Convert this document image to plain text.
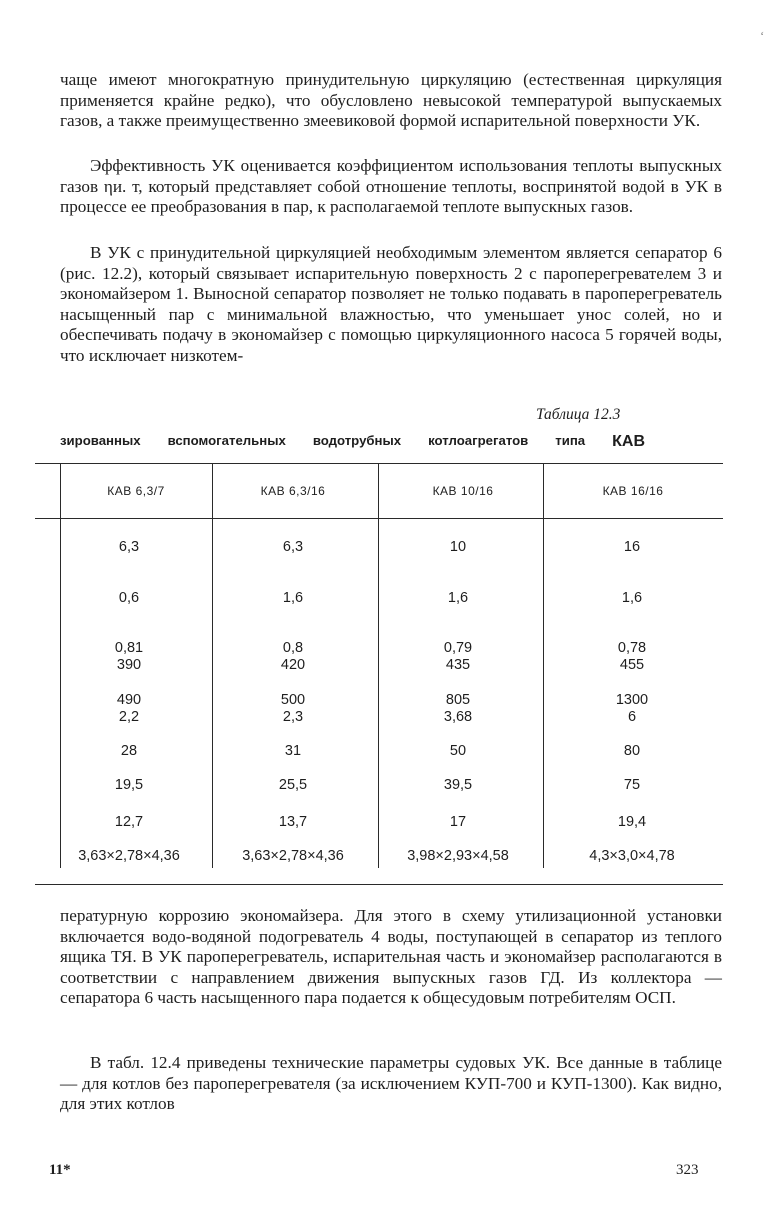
‘

чаще имеют многократную принудительную циркуляцию (естественная циркуляция применяется крайне редко), что обусловлено невысокой температурой выпускаемых газов, а также преимущественно змеевиковой формой испарительной поверхности УК.

Эффективность УК оценивается коэффициентом использования теплоты выпускных газов ηи. т, который представляет собой отношение теплоты, воспринятой водой в УК в процессе ее преобразования в пар, к располагаемой теплоте выпускных газов.

В УК с принудительной циркуляцией необходимым элементом является сепаратор 6 (рис. 12.2), который связывает испарительную поверхность 2 с пароперегревателем 3 и экономайзером 1. Выносной сепаратор позволяет не только подавать в пароперегреватель насыщенный пар с минимальной влажностью, что уменьшает унос солей, но и обеспечивать подачу в экономайзер с помощью циркуляционного насоса 5 горячей воды, что исключает низкотем-

Таблица 12.3
зированных вспомогательных водотрубных котлоагрегатов типа КАВ
КАВ 6,3/7	КАВ 6,3/16	КАВ 10/16	КАВ 16/16
6,3	6,3	10	16
0,6	1,6	1,6	1,6
0,81	0,8	0,79	0,78
390	420	435	455
490	500	805	1300
2,2	2,3	3,68	6
28	31	50	80
19,5	25,5	39,5	75
12,7	13,7	17	19,4
3,63×2,78×4,36	3,63×2,78×4,36	3,98×2,93×4,58	4,3×3,0×4,78

пературную коррозию экономайзера. Для этого в схему утилизационной установки включается водо-водяной подогреватель 4 воды, поступающей в сепаратор из теплого ящика ТЯ. В УК пароперегреватель, испарительная часть и экономайзер располагаются в соответствии с направлением движения выпускных газов ГД. Из коллектора — сепаратора 6 часть насыщенного пара подается к общесудовым потребителям ОСП.

В табл. 12.4 приведены технические параметры судовых УК. Все данные в таблице — для котлов без пароперегревателя (за исключением КУП-700 и КУП-1300). Как видно, для этих котлов

11*	323
